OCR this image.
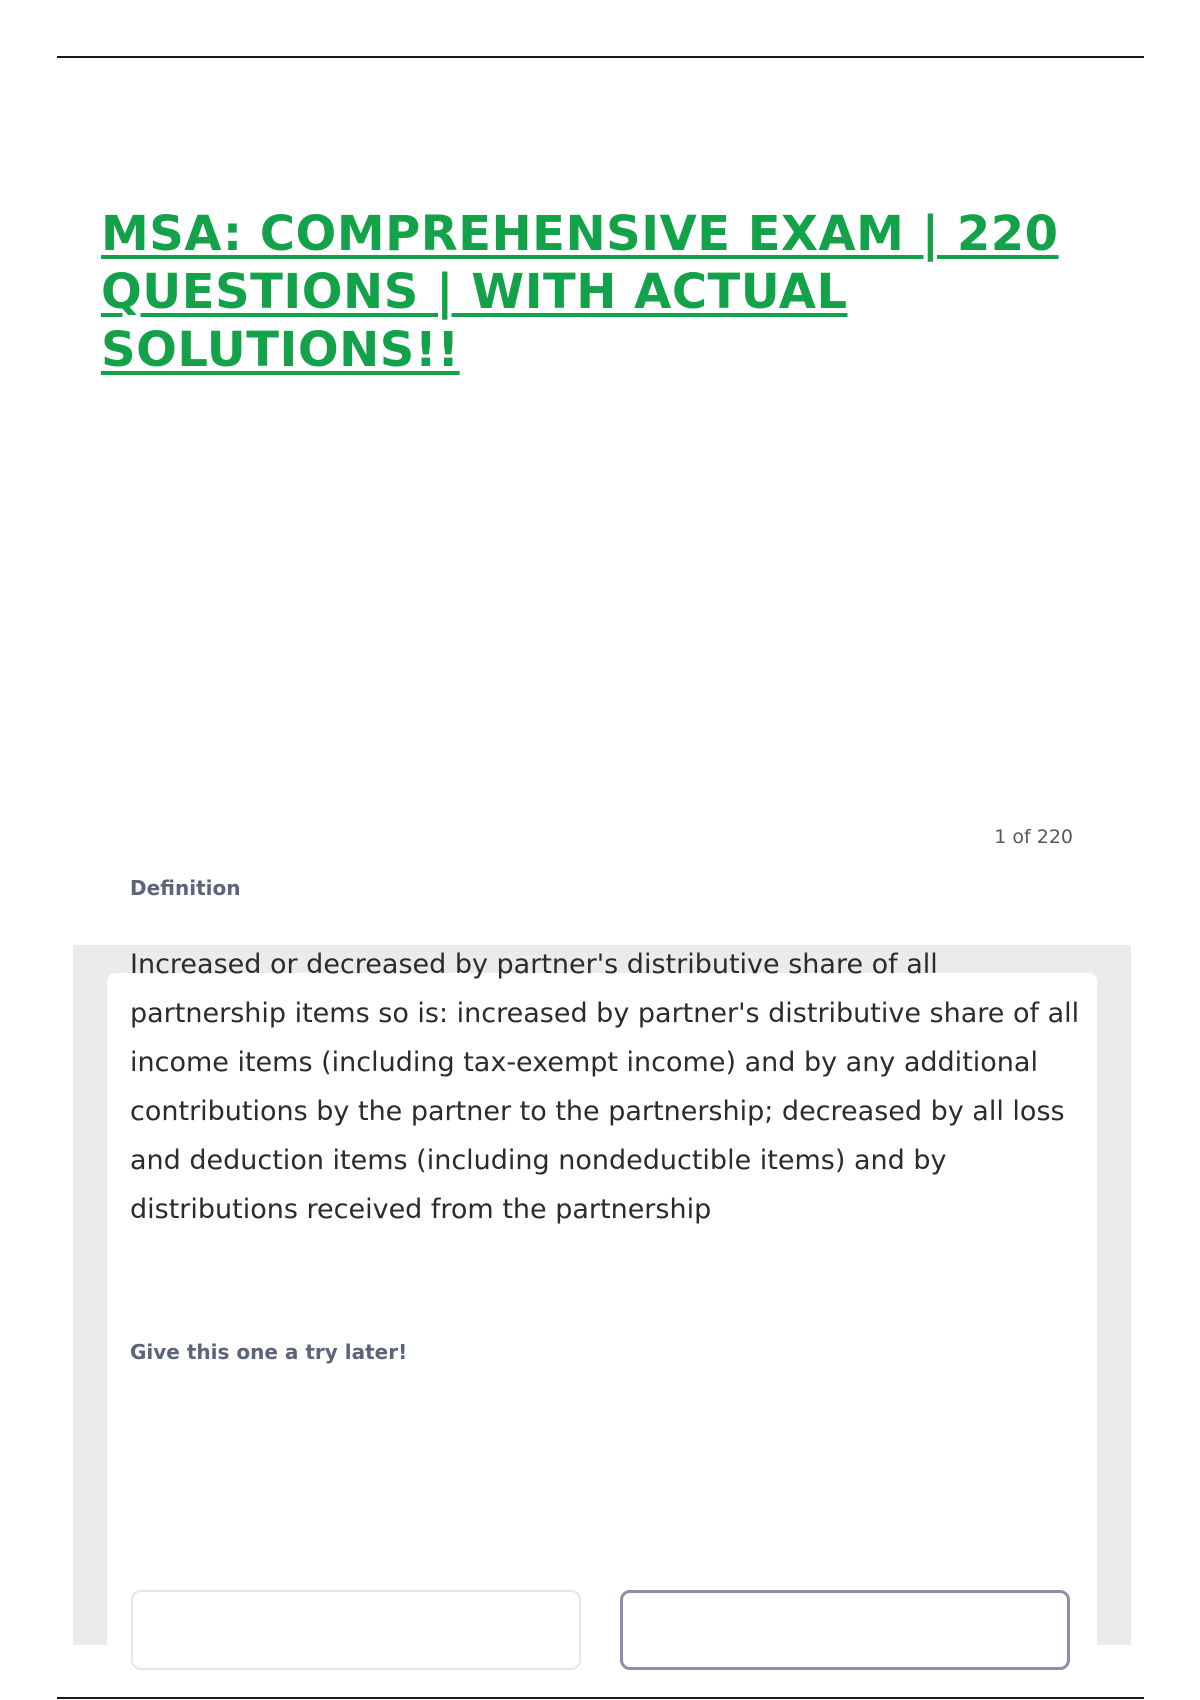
MSA: COMPREHENSIVE EXAM | 220 QUESTIONS | WITH ACTUAL SOLUTIONS!!
1 of 220
Definition

Increased or decreased by partner's distributive share of all partnership items so is: increased by partner's distributive share of all income items (including tax-exempt income) and by any additional contributions by the partner to the partnership; decreased by all loss and deduction items (including nondeductible items) and by distributions received from the partnership

Give this one a try later!
